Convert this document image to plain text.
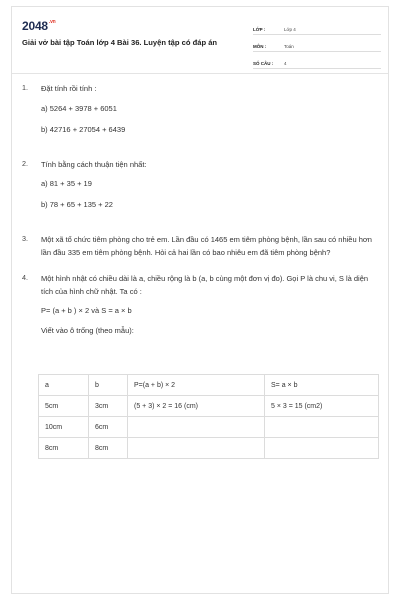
$2048^{.vn}$
Giải vở bài tập Toán lớp 4 Bài 36. Luyện tập có đáp án
LỚP :	Lớp 4
MÔN :	Toán
SỐ CÂU :	4
1. Đặt tính rồi tính :
a) 5264 + 3978 + 6051
b) 42716 + 27054 + 6439
2. Tính bằng cách thuận tiện nhất:
a) 81 + 35 + 19
b) 78 + 65 + 135 + 22
3. Một xã tổ chức tiêm phòng cho trẻ em. Lần đầu có 1465 em tiêm phòng bệnh, lần sau có nhiều hơn lần đầu 335 em tiêm phòng bệnh. Hỏi cả hai lần có bao nhiêu em đã tiêm phòng bệnh?
4. Một hình nhật có chiều dài là a, chiều rộng là b (a, b cùng một đơn vị đo). Gọi P là chu vi, S là diện tích của hình chữ nhật. Ta có :
P= (a + b ) × 2 và S = a × b
Viết vào ô trống (theo mẫu):
a	b	P=(a + b) × 2	S= a × b
5cm	3cm	(5 + 3) × 2 = 16 (cm)	5 × 3 = 15 (cm2)
10cm	6cm		
8cm	8cm		
